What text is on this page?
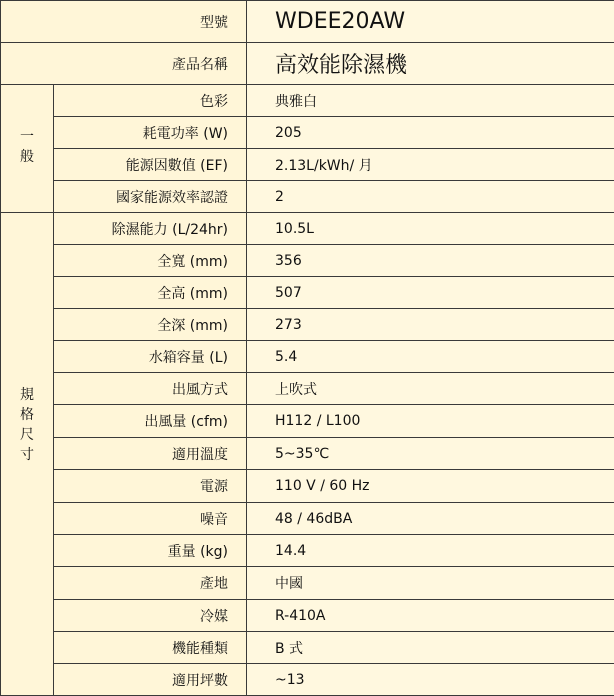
型號		WDEE20AW
產品名稱		高效能除濕機

一
般	色彩	典雅白
	耗電功率 (W)	205
	能源因數值 (EF)	2.13L/kWh/ 月
	國家能源效率認證	2

規
格
尺
寸	除濕能力 (L/24hr)	10.5L
	全寬 (mm)	356
	全高 (mm)	507
	全深 (mm)	273
	水箱容量 (L)	5.4
	出風方式	上吹式
	出風量 (cfm)	H112 / L100
	適用溫度	5~35℃
	電源	110 V / 60 Hz
	噪音	48 / 46dBA
	重量 (kg)	14.4
	產地	中國
	冷媒	R-410A
	機能種類	B 式
	適用坪數	~13
